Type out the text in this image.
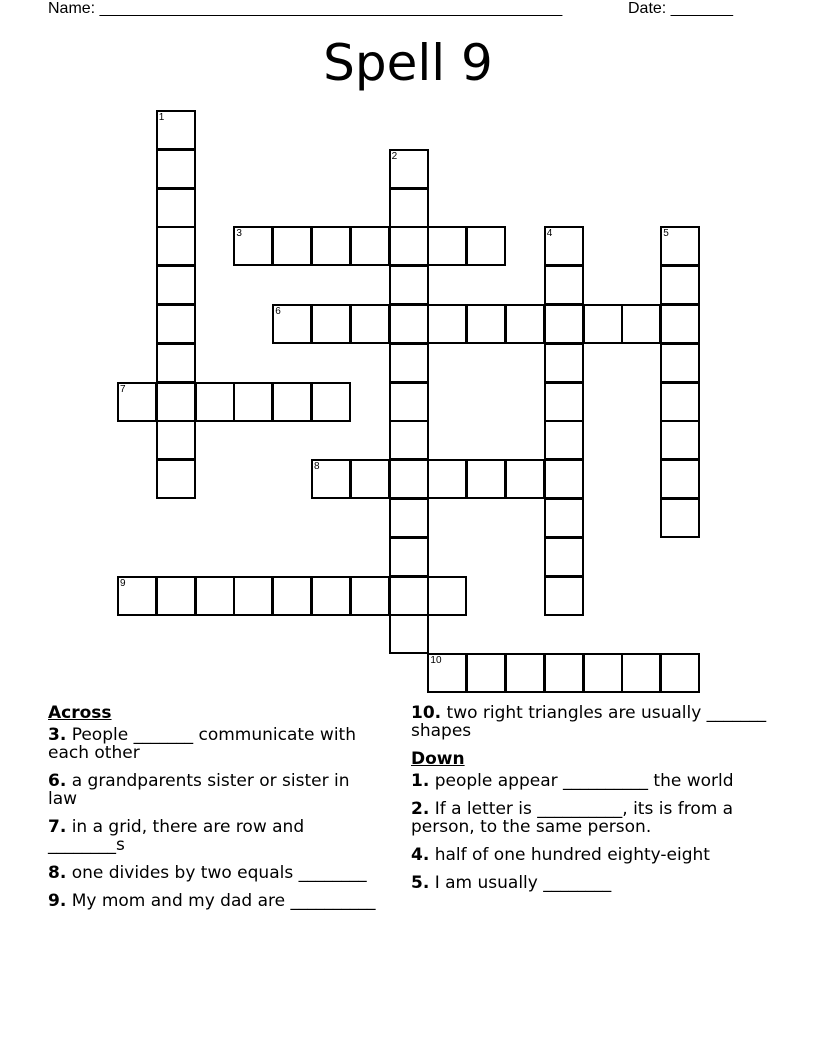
Name: ____________________________________________________	Date: _______
Spell 9
1
2
3	4	5
6
7
8
9
10
Across
3. People _______ communicate with each other
6. a grandparents sister or sister in law
7. in a grid, there are row and ________s
8. one divides by two equals ________
9. My mom and my dad are __________
10. two right triangles are usually _______ shapes
Down
1. people appear __________ the world
2. If a letter is __________, its is from a person, to the same person.
4. half of one hundred eighty-eight
5. I am usually ________
